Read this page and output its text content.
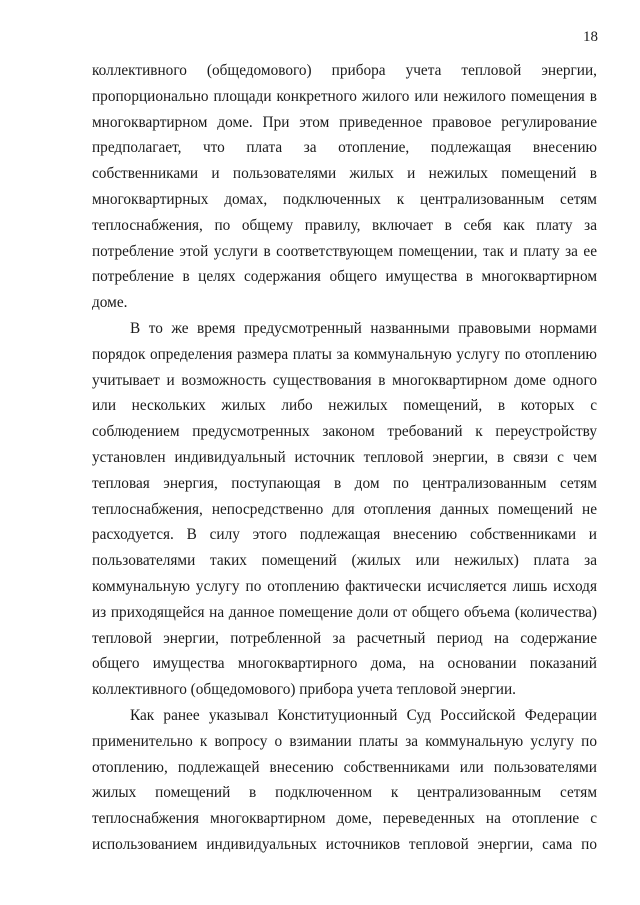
18
коллективного (общедомового) прибора учета тепловой энергии,
пропорционально площади конкретного жилого или нежилого помещения в
многоквартирном доме. При этом приведенное правовое регулирование
предполагает, что плата за отопление, подлежащая внесению
собственниками и пользователями жилых и нежилых помещений в
многоквартирных домах, подключенных к централизованным сетям
теплоснабжения, по общему правилу, включает в себя как плату за
потребление этой услуги в соответствующем помещении, так и плату за ее
потребление в целях содержания общего имущества в многоквартирном
доме.
В то же время предусмотренный названными правовыми нормами
порядок определения размера платы за коммунальную услугу по отоплению
учитывает и возможность существования в многоквартирном доме одного
или нескольких жилых либо нежилых помещений, в которых с
соблюдением предусмотренных законом требований к переустройству
установлен индивидуальный источник тепловой энергии, в связи с чем
тепловая энергия, поступающая в дом по централизованным сетям
теплоснабжения, непосредственно для отопления данных помещений не
расходуется. В силу этого подлежащая внесению собственниками и
пользователями таких помещений (жилых или нежилых) плата за
коммунальную услугу по отоплению фактически исчисляется лишь исходя
из приходящейся на данное помещение доли от общего объема (количества)
тепловой энергии, потребленной за расчетный период на содержание
общего имущества многоквартирного дома, на основании показаний
коллективного (общедомового) прибора учета тепловой энергии.
Как ранее указывал Конституционный Суд Российской Федерации
применительно к вопросу о взимании платы за коммунальную услугу по
отоплению, подлежащей внесению собственниками или пользователями
жилых помещений в подключенном к централизованным сетям
теплоснабжения многоквартирном доме, переведенных на отопление с
использованием индивидуальных источников тепловой энергии, сама по
